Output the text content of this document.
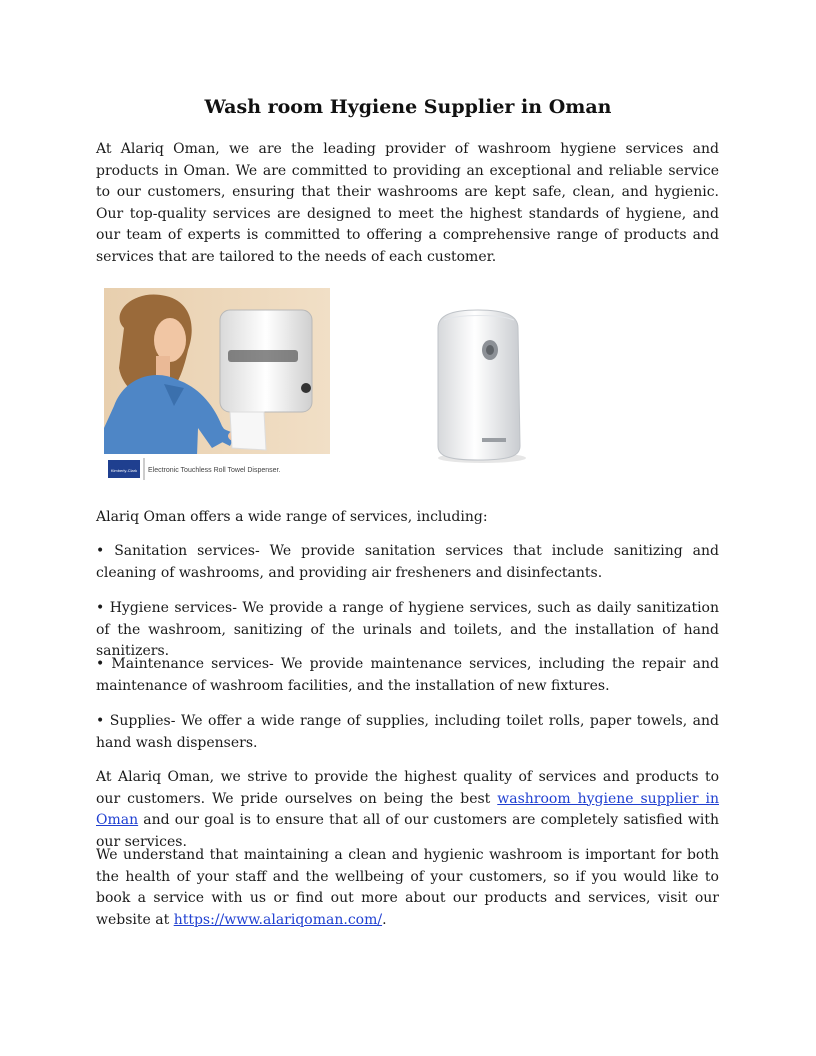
Wash room Hygiene Supplier in Oman

At Alariq Oman, we are the leading provider of washroom hygiene services and products in Oman. We are committed to providing an exceptional and reliable service to our customers, ensuring that their washrooms are kept safe, clean, and hygienic. Our top-quality services are designed to meet the highest standards of hygiene, and our team of experts is committed to offering a comprehensive range of products and services that are tailored to the needs of each customer.

Kimberly-Clark Electronic Touchless Roll Towel Dispenser.

Alariq Oman offers a wide range of services, including:

• Sanitation services- We provide sanitation services that include sanitizing and cleaning of washrooms, and providing air fresheners and disinfectants.

• Hygiene services- We provide a range of hygiene services, such as daily sanitization of the washroom, sanitizing of the urinals and toilets, and the installation of hand sanitizers.

• Maintenance services- We provide maintenance services, including the repair and maintenance of washroom facilities, and the installation of new fixtures.

• Supplies- We offer a wide range of supplies, including toilet rolls, paper towels, and hand wash dispensers.

At Alariq Oman, we strive to provide the highest quality of services and products to our customers. We pride ourselves on being the best washroom hygiene supplier in Oman and our goal is to ensure that all of our customers are completely satisfied with our services.

We understand that maintaining a clean and hygienic washroom is important for both the health of your staff and the wellbeing of your customers, so if you would like to book a service with us or find out more about our products and services, visit our website at https://www.alariqoman.com/.
